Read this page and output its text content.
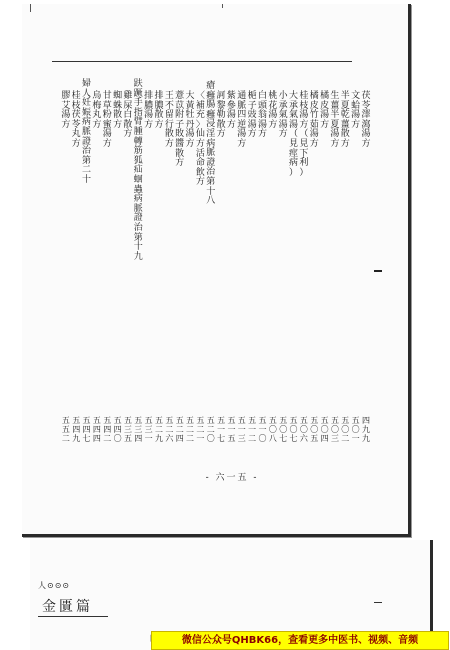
茯
苓
澤
瀉
湯
方
四
九
九
文
蛤
湯
方
五
〇
一
半
夏
乾
薑
散
方
五
〇
二
生
薑
半
夏
湯
方
五
〇
三
橘
皮
湯
方
五
〇
四
橘
皮
竹
茹
湯
方
五
〇
五
桂
枝
湯
方
（
見
下
利
）
五
〇
六
大
承
氣
湯
（
見
痙
病
）
五
〇
七
小
承
氣
湯
方
五
〇
七
桃
花
湯
方
五
〇
八
白
頭
翁
湯
方
五
一
〇
梔
子
豉
湯
方
五
一
二
通
脈
四
逆
湯
方
五
一
三
紫
參
湯
方
五
一
五
訶
黎
勒
散
方
五
一
七
瘡
癰
腸
癰
浸
淫
病
脈
證
治
第
十
八
五
二
〇
〈
補
充
〉
仙
方
活
命
飲
方
五
二
一
大
黃
牡
丹
湯
方
五
二
二
薏
苡
附
子
敗
醬
散
方
五
二
四
王
不
留
行
散
方
五
二
六
排
膿
散
方
五
二
九
排
膿
湯
方
五
三
一
趺
蹶
手
指
臂
腫
轉
筋
狐
疝
蛔
蟲
病
脈
證
治
第
十
九
五
三
四
雞
屎
白
散
方
五
三
五
蜘
蛛
散
方
五
四
〇
甘
草
粉
蜜
湯
方
五
四
二
烏
梅
丸
方
五
四
四
婦
人
妊
娠
病
脈
證
治
第
二
十
五
四
七
桂
枝
茯
苓
丸
方
五
四
九
膠
艾
湯
方
五
五
二
- 六一五 -
人⊙⊙⊙
金匱篇
微信公众号QHBK66，查看更多中医书、视频、音频
